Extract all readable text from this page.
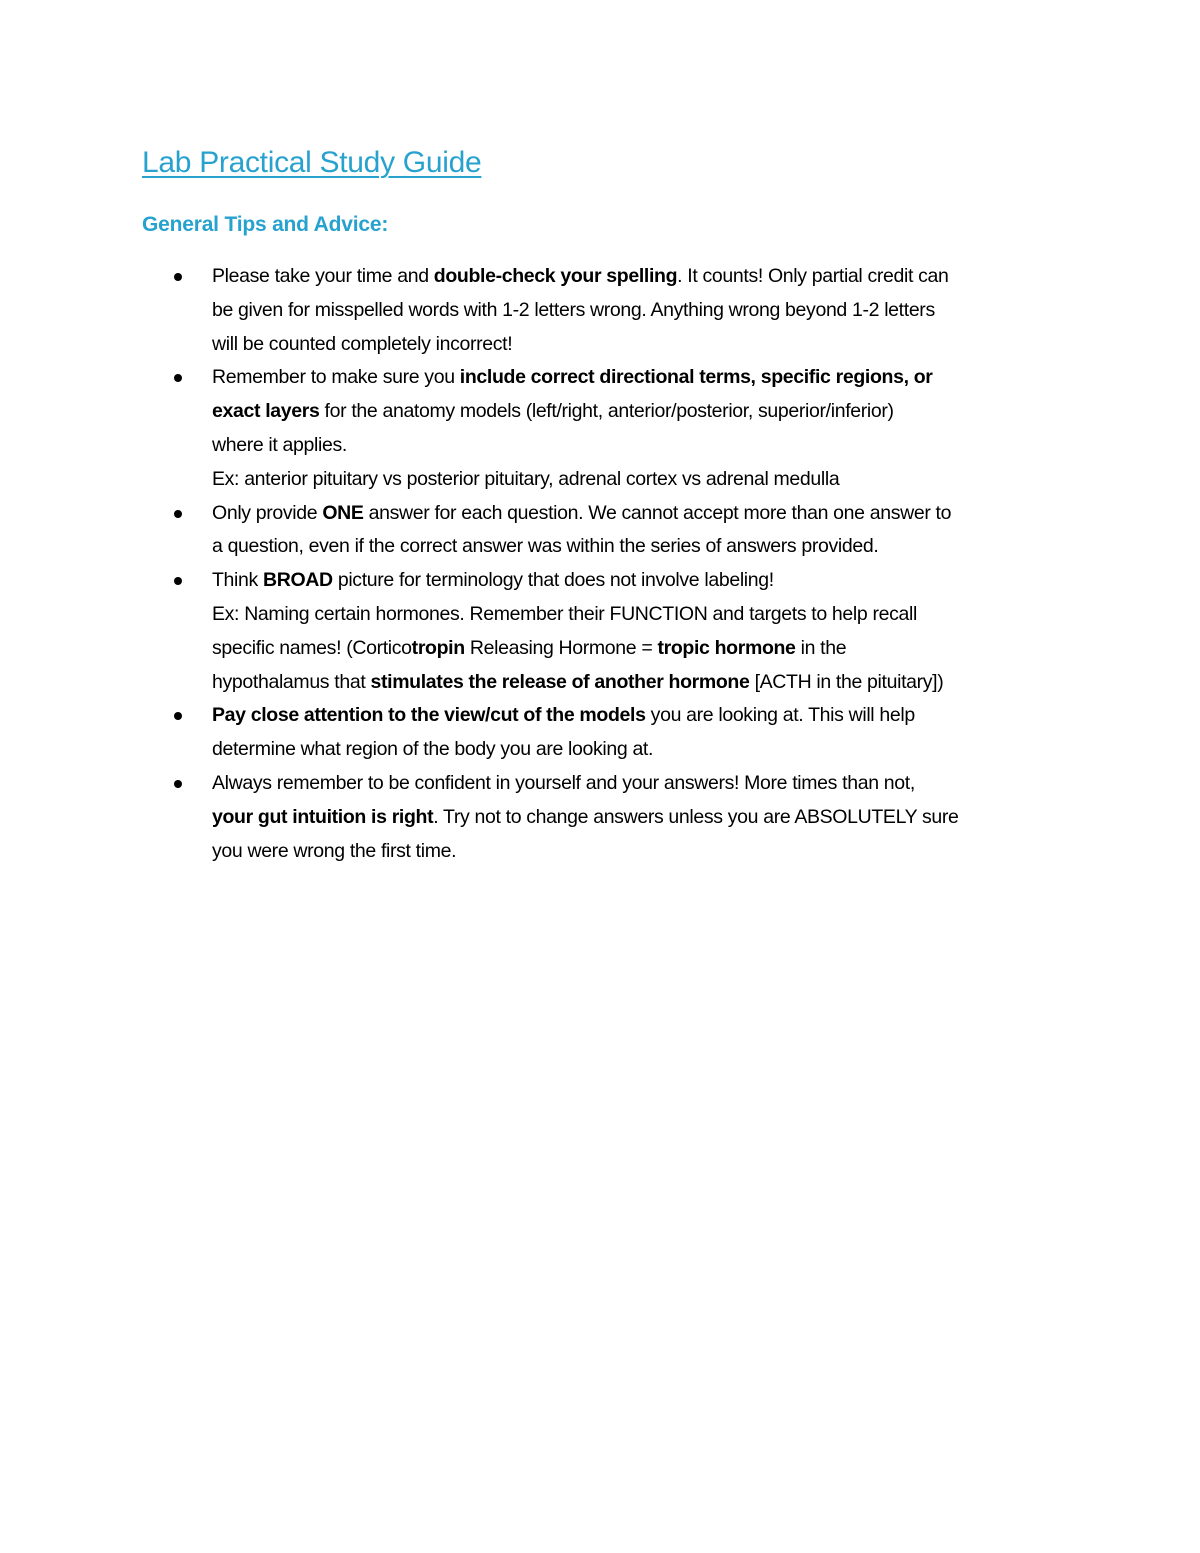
Lab Practical Study Guide
General Tips and Advice:
Please take your time and double-check your spelling. It counts! Only partial credit can
be given for misspelled words with 1-2 letters wrong. Anything wrong beyond 1-2 letters
will be counted completely incorrect!
Remember to make sure you include correct directional terms, specific regions, or
exact layers for the anatomy models (left/right, anterior/posterior, superior/inferior)
where it applies.
Ex: anterior pituitary vs posterior pituitary, adrenal cortex vs adrenal medulla
Only provide ONE answer for each question. We cannot accept more than one answer to
a question, even if the correct answer was within the series of answers provided.
Think BROAD picture for terminology that does not involve labeling!
Ex: Naming certain hormones. Remember their FUNCTION and targets to help recall
specific names! (Corticotropin Releasing Hormone = tropic hormone in the
hypothalamus that stimulates the release of another hormone [ACTH in the pituitary])
Pay close attention to the view/cut of the models you are looking at. This will help
determine what region of the body you are looking at.
Always remember to be confident in yourself and your answers! More times than not,
your gut intuition is right. Try not to change answers unless you are ABSOLUTELY sure
you were wrong the first time.
